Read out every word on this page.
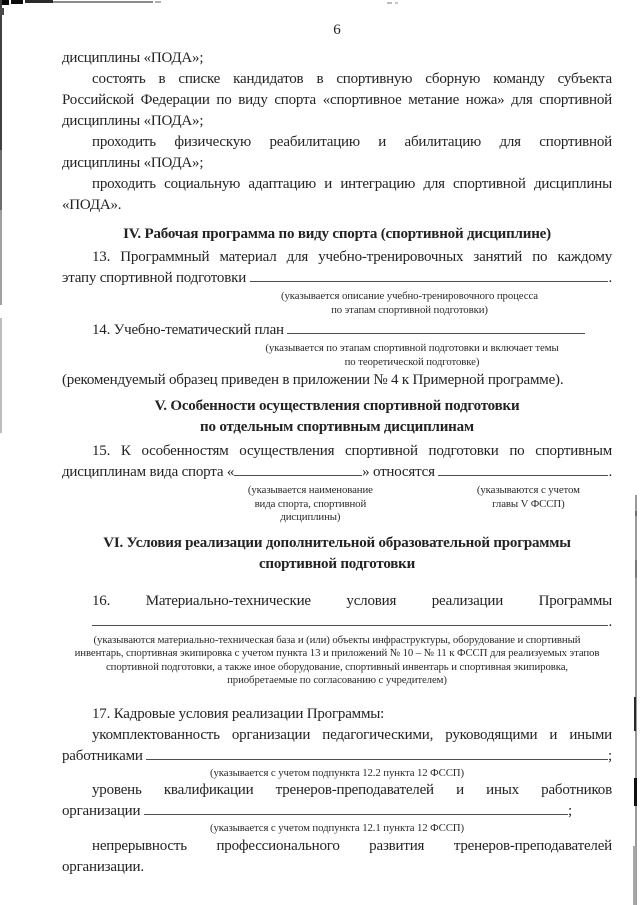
6
дисциплины «ПОДА»;
состоять в списке кандидатов в спортивную сборную команду субъекта
Российской Федерации по виду спорта «спортивное метание ножа» для спортивной
дисциплины «ПОДА»;
проходить физическую реабилитацию и абилитацию для спортивной
дисциплины «ПОДА»;
проходить социальную адаптацию и интеграцию для спортивной дисциплины
«ПОДА».
IV. Рабочая программа по виду спорта (спортивной дисциплине)
13. Программный материал для учебно-тренировочных занятий по каждому
этапу спортивной подготовки	.
(указывается описание учебно-тренировочного процесса
по этапам спортивной подготовки)
14. Учебно-тематический план
(указывается по этапам спортивной подготовки и включает темы
по теоретической подготовке)
(рекомендуемый образец приведен в приложении № 4 к Примерной программе).
V. Особенности осуществления спортивной подготовки
по отдельным спортивным дисциплинам
15. К особенностям осуществления спортивной подготовки по спортивным
дисциплинам вида спорта «	» относятся	.
(указывается наименование
вида спорта, спортивной
дисциплины)
(указываются с учетом
главы V ФССП)
VI. Условия реализации дополнительной образовательной программы
спортивной подготовки
16. Материально-технические условия реализации Программы
.
(указываются материально-техническая база и (или) объекты инфраструктуры, оборудование и спортивный
инвентарь, спортивная экипировка с учетом пункта 13 и приложений № 10 – № 11 к ФССП для реализуемых этапов
спортивной подготовки, а также иное оборудование, спортивный инвентарь и спортивная экипировка,
приобретаемые по согласованию с учредителем)
17. Кадровые условия реализации Программы:
укомплектованность организации педагогическими, руководящими и иными
работниками	;
(указывается с учетом подпункта 12.2 пункта 12 ФССП)
уровень квалификации тренеров-преподавателей и иных работников
организации	;
(указывается с учетом подпункта 12.1 пункта 12 ФССП)
непрерывность профессионального развития тренеров-преподавателей
организации.
